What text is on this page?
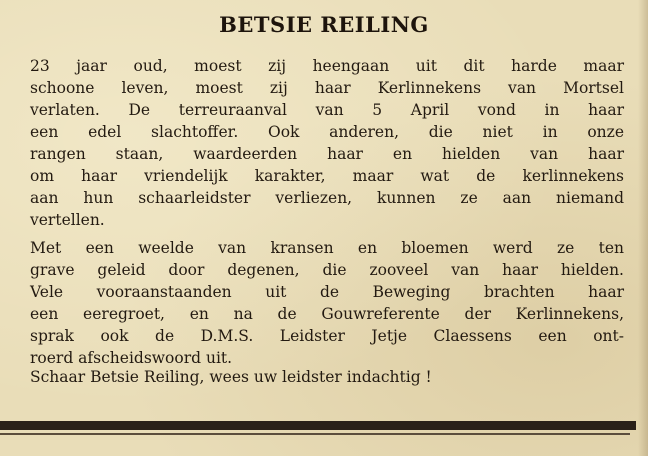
BETSIE REILING
23 jaar oud, moest zij heengaan uit dit harde maar
schoone leven, moest zij haar Kerlinnekens van Mortsel
verlaten. De terreuraanval van 5 April vond in haar
een edel slachtoffer. Ook anderen, die niet in onze
rangen staan, waardeerden haar en hielden van haar
om haar vriendelijk karakter, maar wat de kerlinnekens
aan hun schaarleidster verliezen, kunnen ze aan niemand
vertellen.
Met een weelde van kransen en bloemen werd ze ten
grave geleid door degenen, die zooveel van haar hielden.
Vele vooraanstaanden uit de Beweging brachten haar
een eeregroet, en na de Gouwreferente der Kerlinnekens,
sprak ook de D.M.S. Leidster Jetje Claessens een ont-
roerd afscheidswoord uit.
Schaar Betsie Reiling, wees uw leidster indachtig !
